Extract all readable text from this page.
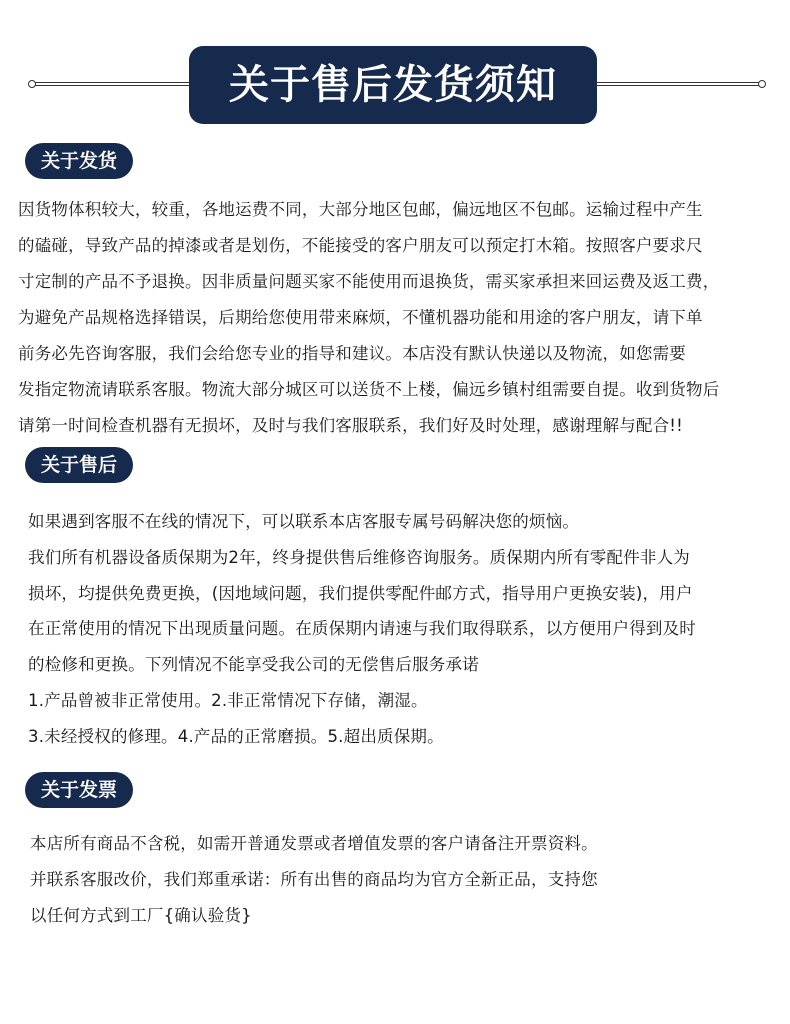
关于售后发货须知
关于发货
因货物体积较大，较重，各地运费不同，大部分地区包邮，偏远地区不包邮。运输过程中产生
的磕碰，导致产品的掉漆或者是划伤，不能接受的客户朋友可以预定打木箱。按照客户要求尺
寸定制的产品不予退换。因非质量问题买家不能使用而退换货，需买家承担来回运费及返工费，
为避免产品规格选择错误，后期给您使用带来麻烦，不懂机器功能和用途的客户朋友，请下单
前务必先咨询客服，我们会给您专业的指导和建议。本店没有默认快递以及物流，如您需要
发指定物流请联系客服。物流大部分城区可以送货不上楼，偏远乡镇村组需要自提。收到货物后
请第一时间检查机器有无损坏，及时与我们客服联系，我们好及时处理，感谢理解与配合!!
关于售后
如果遇到客服不在线的情况下，可以联系本店客服专属号码解决您的烦恼。
我们所有机器设备质保期为2年，终身提供售后维修咨询服务。质保期内所有零配件非人为
损坏，均提供免费更换，(因地域问题，我们提供零配件邮方式，指导用户更换安装)，用户
在正常使用的情况下出现质量问题。在质保期内请速与我们取得联系，以方便用户得到及时
的检修和更换。下列情况不能享受我公司的无偿售后服务承诺
1.产品曾被非正常使用。2.非正常情况下存储，潮湿。
3.未经授权的修理。4.产品的正常磨损。5.超出质保期。
关于发票
本店所有商品不含税，如需开普通发票或者增值发票的客户请备注开票资料。
并联系客服改价，我们郑重承诺：所有出售的商品均为官方全新正品，支持您
以任何方式到工厂{确认验货}
